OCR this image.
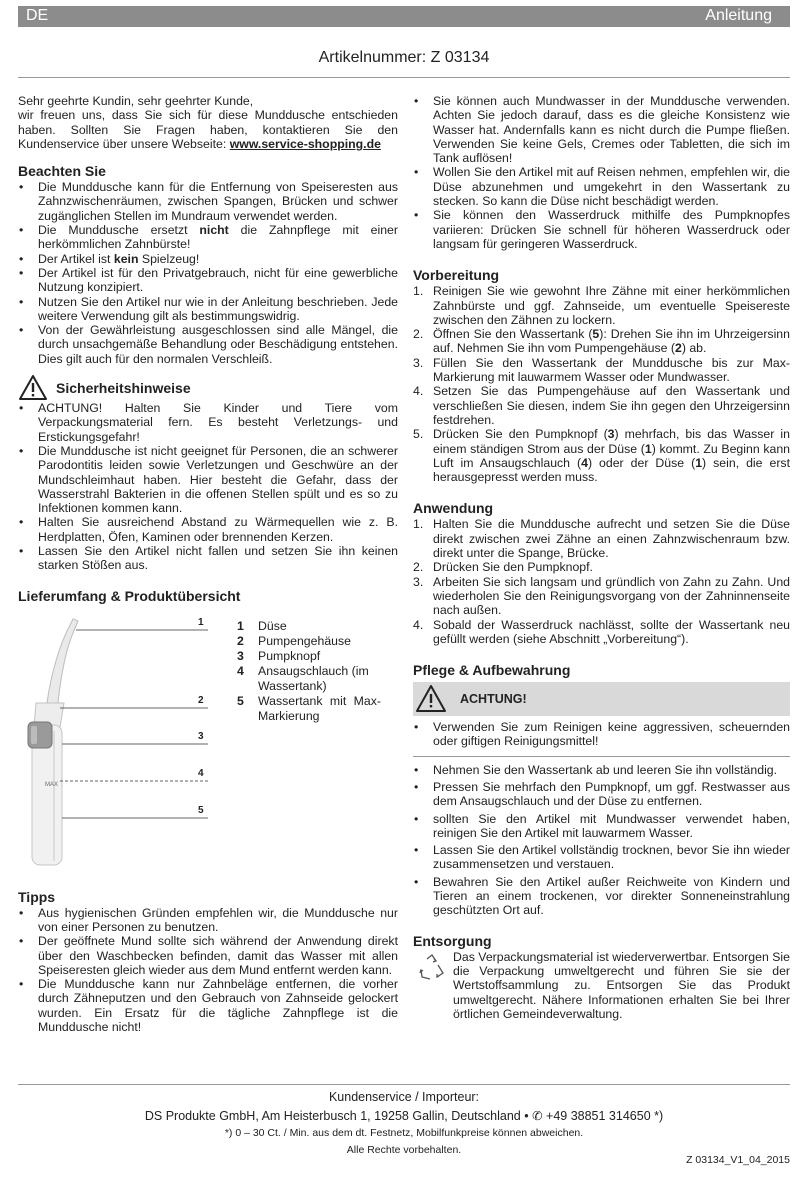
DE	Anleitung
Artikelnummer: Z 03134

Sehr geehrte Kundin, sehr geehrter Kunde,

wir freuen uns, dass Sie sich für diese Munddusche entschieden haben. Sollten Sie Fragen haben, kontaktieren Sie den Kundenservice über unsere Webseite: www.service-shopping.de

Beachten Sie
• Die Munddusche kann für die Entfernung von Speiseresten aus Zahnzwischenräumen, zwischen Spangen, Brücken und schwer zugänglichen Stellen im Mundraum verwendet werden.
• Die Munddusche ersetzt nicht die Zahnpflege mit einer herkömmlichen Zahnbürste!
• Der Artikel ist kein Spielzeug!
• Der Artikel ist für den Privatgebrauch, nicht für eine gewerbliche Nutzung konzipiert.
• Nutzen Sie den Artikel nur wie in der Anleitung beschrieben. Jede weitere Verwendung gilt als bestimmungswidrig.
• Von der Gewährleistung ausgeschlossen sind alle Mängel, die durch unsachgemäße Behandlung oder Beschädigung entstehen. Dies gilt auch für den normalen Verschleiß.
Sicherheitshinweise
• ACHTUNG! Halten Sie Kinder und Tiere vom Verpackungsmaterial fern. Es besteht Verletzungs- und Erstickungsgefahr!
• Die Munddusche ist nicht geeignet für Personen, die an schwerer Parodontitis leiden sowie Verletzungen und Geschwüre an der Mundschleimhaut haben. Hier besteht die Gefahr, dass der Wasserstrahl Bakterien in die offenen Stellen spült und es so zu Infektionen kommen kann.
• Halten Sie ausreichend Abstand zu Wärmequellen wie z. B. Herdplatten, Öfen, Kaminen oder brennenden Kerzen.
• Lassen Sie den Artikel nicht fallen und setzen Sie ihn keinen starken Stößen aus.
Lieferumfang & Produktübersicht
MAX
1
2
3
4
5
1 Düse
2 Pumpengehäuse
3 Pumpknopf
4 Ansaugschlauch (im Wassertank)
5 Wassertank mit Max-Markierung
Tipps
• Aus hygienischen Gründen empfehlen wir, die Munddusche nur von einer Personen zu benutzen.
• Der geöffnete Mund sollte sich während der Anwendung direkt über den Waschbecken befinden, damit das Wasser mit allen Speiseresten gleich wieder aus dem Mund entfernt werden kann.
• Die Munddusche kann nur Zahnbeläge entfernen, die vorher durch Zähneputzen und den Gebrauch von Zahnseide gelockert wurden. Ein Ersatz für die tägliche Zahnpflege ist die Munddusche nicht!
• Sie können auch Mundwasser in der Munddusche verwenden. Achten Sie jedoch darauf, dass es die gleiche Konsistenz wie Wasser hat. Andernfalls kann es nicht durch die Pumpe fließen. Verwenden Sie keine Gels, Cremes oder Tabletten, die sich im Tank auflösen!
• Wollen Sie den Artikel mit auf Reisen nehmen, empfehlen wir, die Düse abzunehmen und umgekehrt in den Wassertank zu stecken. So kann die Düse nicht beschädigt werden.
• Sie können den Wasserdruck mithilfe des Pumpknopfes variieren: Drücken Sie schnell für höheren Wasserdruck oder langsam für geringeren Wasserdruck.
Vorbereitung
1. Reinigen Sie wie gewohnt Ihre Zähne mit einer herkömmlichen Zahnbürste und ggf. Zahnseide, um eventuelle Speisereste zwischen den Zähnen zu lockern.
2. Öffnen Sie den Wassertank (5): Drehen Sie ihn im Uhrzeigersinn auf. Nehmen Sie ihn vom Pumpengehäuse (2) ab.
3. Füllen Sie den Wassertank der Munddusche bis zur Max-Markierung mit lauwarmem Wasser oder Mundwasser.
4. Setzen Sie das Pumpengehäuse auf den Wassertank und verschließen Sie diesen, indem Sie ihn gegen den Uhrzeigersinn festdrehen.
5. Drücken Sie den Pumpknopf (3) mehrfach, bis das Wasser in einem ständigen Strom aus der Düse (1) kommt. Zu Beginn kann Luft im Ansaugschlauch (4) oder der Düse (1) sein, die erst herausgepresst werden muss.
Anwendung
1. Halten Sie die Munddusche aufrecht und setzen Sie die Düse direkt zwischen zwei Zähne an einen Zahnzwischenraum bzw. direkt unter die Spange, Brücke.
2. Drücken Sie den Pumpknopf.
3. Arbeiten Sie sich langsam und gründlich von Zahn zu Zahn. Und wiederholen Sie den Reinigungsvorgang von der Zahninnenseite nach außen.
4. Sobald der Wasserdruck nachlässt, sollte der Wassertank neu gefüllt werden (siehe Abschnitt „Vorbereitung“).
Pflege & Aufbewahrung
ACHTUNG!
• Verwenden Sie zum Reinigen keine aggressiven, scheuernden oder giftigen Reinigungsmittel!
• Nehmen Sie den Wassertank ab und leeren Sie ihn vollständig.
• Pressen Sie mehrfach den Pumpknopf, um ggf. Restwasser aus dem Ansaugschlauch und der Düse zu entfernen.
• sollten Sie den Artikel mit Mundwasser verwendet haben, reinigen Sie den Artikel mit lauwarmem Wasser.
• Lassen Sie den Artikel vollständig trocknen, bevor Sie ihn wieder zusammensetzen und verstauen.
• Bewahren Sie den Artikel außer Reichweite von Kindern und Tieren an einem trockenen, vor direkter Sonneneinstrahlung geschützten Ort auf.
Entsorgung

Das Verpackungsmaterial ist wiederverwertbar. Entsorgen Sie die Verpackung umweltgerecht und führen Sie sie der Wertstoffsammlung zu. Entsorgen Sie das Produkt umweltgerecht. Nähere Informationen erhalten Sie bei Ihrer örtlichen Gemeindeverwaltung.

Kundenservice / Importeur:
DS Produkte GmbH, Am Heisterbusch 1, 19258 Gallin, Deutschland • ✆ +49 38851 314650 *)
*) 0 – 30 Ct. / Min. aus dem dt. Festnetz, Mobilfunkpreise können abweichen.
Alle Rechte vorbehalten.
Z 03134_V1_04_2015
